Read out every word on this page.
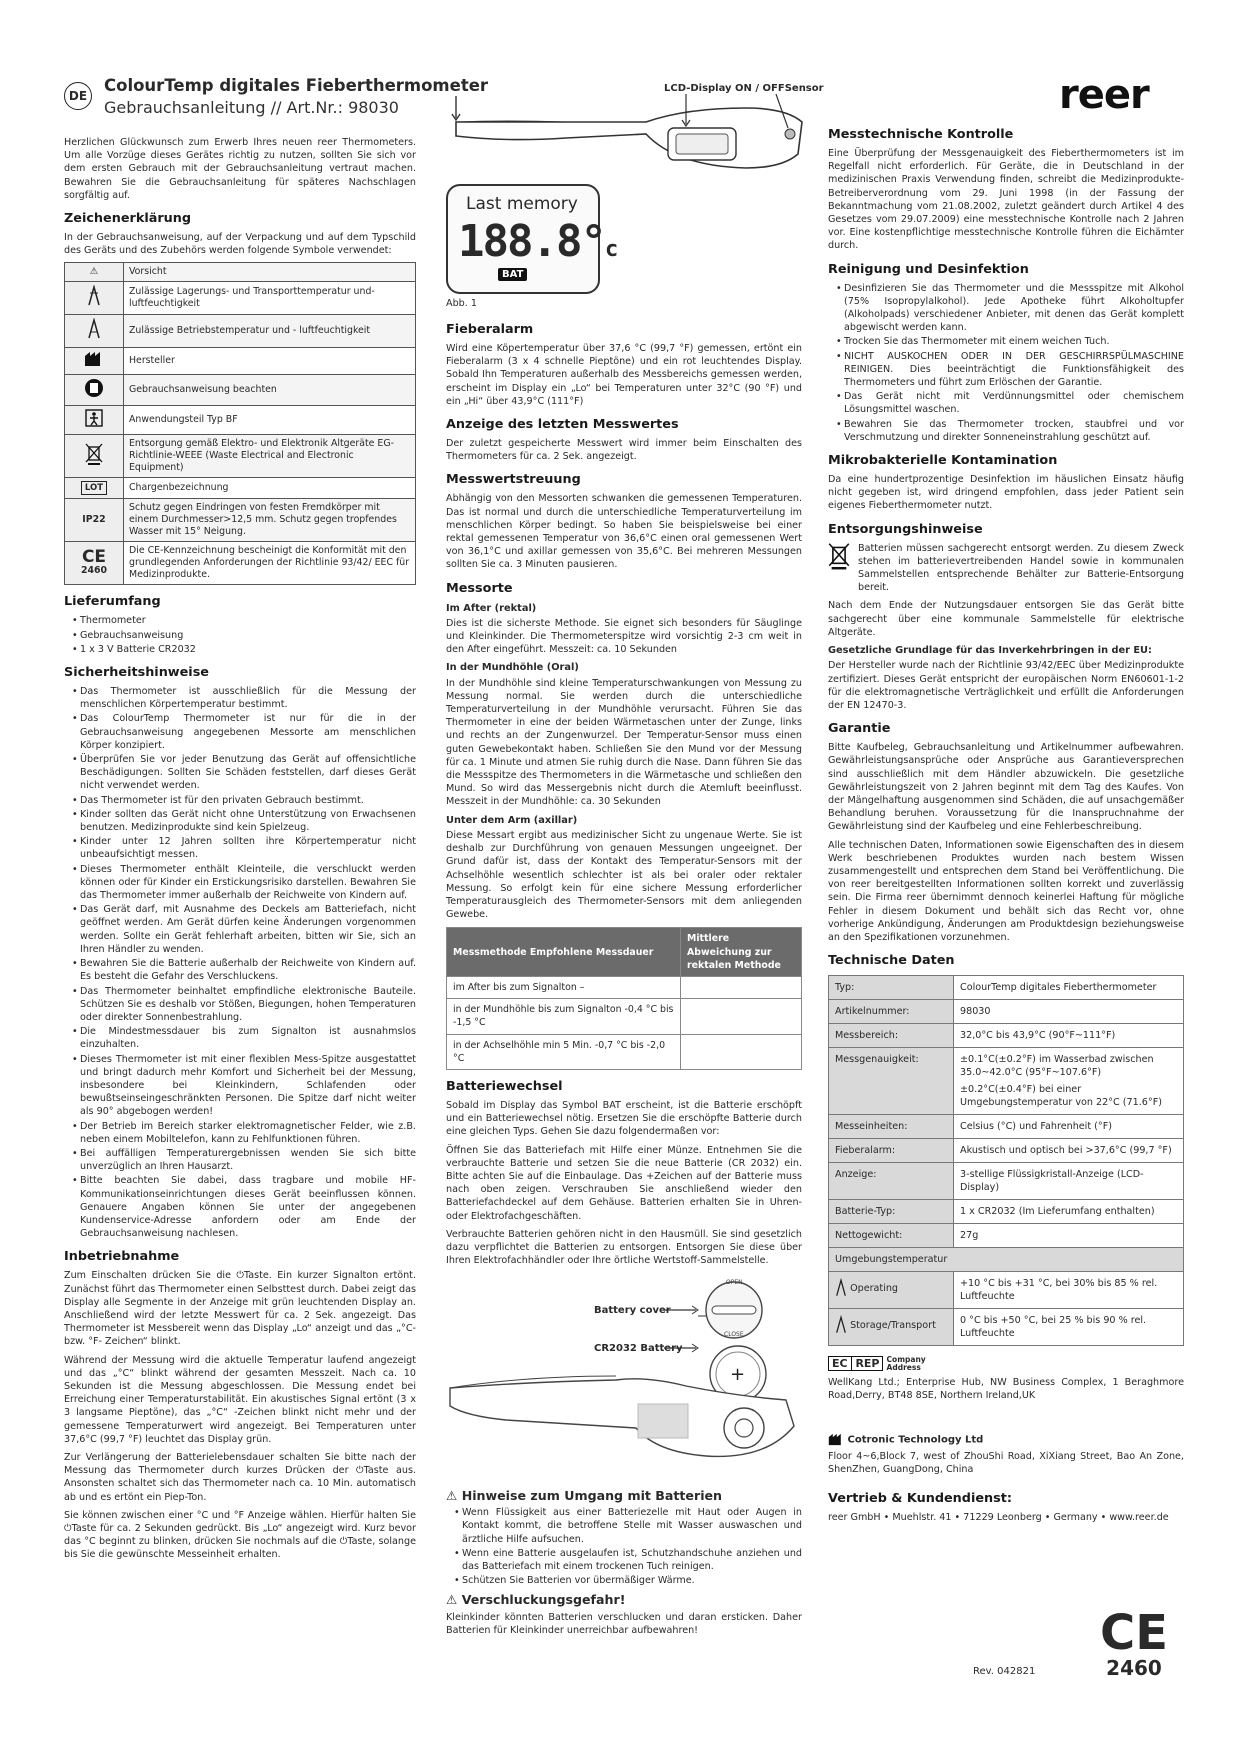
DE
ColourTemp digitales Fieberthermometer
Gebrauchsanleitung // Art.Nr.: 98030	reer

Herzlichen Glückwunsch zum Erwerb Ihres neuen reer Thermometers. Um alle Vorzüge dieses Gerätes richtig zu nutzen, sollten Sie sich vor dem ersten Gebrauch mit der Gebrauchsanleitung vertraut machen. Bewahren Sie die Gebrauchsanleitung für späteres Nachschlagen sorgfältig auf.

Zeichenerklärung

In der Gebrauchsanweisung, auf der Verpackung und auf dem Typschild des Geräts und des Zubehörs werden folgende Symbole verwendet:

⚠	Vorsicht
	Zulässige Lagerungs- und Transporttemperatur und- luftfeuchtigkeit
	Zulässige Betriebstemperatur und - luftfeuchtigkeit
	Hersteller
	Gebrauchsanweisung beachten
	Anwendungsteil Typ BF
	Entsorgung gemäß Elektro- und Elektronik Altgeräte EG-Richtlinie-WEEE (Waste Electrical and Electronic Equipment)
LOT	Chargenbezeichnung
IP22	Schutz gegen Eindringen von festen Fremdkörper mit einem Durchmesser>12,5 mm. Schutz gegen tropfendes Wasser mit 15° Neigung.

CE
2460	Die CE-Kennzeichnung bescheinigt die Konformität mit den grundlegenden Anforderungen der Richtlinie 93/42/ EEC für Medizinprodukte.
Lieferumfang
• Thermometer
• Gebrauchsanweisung
• 1 x 3 V Batterie CR2032
Sicherheitshinweise
• Das Thermometer ist ausschließlich für die Messung der menschlichen Körpertemperatur bestimmt.
• Das ColourTemp Thermometer ist nur für die in der Gebrauchsanweisung angegebenen Messorte am menschlichen Körper konzipiert.
• Überprüfen Sie vor jeder Benutzung das Gerät auf offensichtliche Beschädigungen. Sollten Sie Schäden feststellen, darf dieses Gerät nicht verwendet werden.
• Das Thermometer ist für den privaten Gebrauch bestimmt.
• Kinder sollten das Gerät nicht ohne Unterstützung von Erwachsenen benutzen. Medizinprodukte sind kein Spielzeug.
• Kinder unter 12 Jahren sollten ihre Körpertemperatur nicht unbeaufsichtigt messen.
• Dieses Thermometer enthält Kleinteile, die verschluckt werden können oder für Kinder ein Erstickungsrisiko darstellen. Bewahren Sie das Thermometer immer außerhalb der Reichweite von Kindern auf.
• Das Gerät darf, mit Ausnahme des Deckels am Batteriefach, nicht geöffnet werden. Am Gerät dürfen keine Änderungen vorgenommen werden. Sollte ein Gerät fehlerhaft arbeiten, bitten wir Sie, sich an Ihren Händler zu wenden.
• Bewahren Sie die Batterie außerhalb der Reichweite von Kindern auf. Es besteht die Gefahr des Verschluckens.
• Das Thermometer beinhaltet empfindliche elektronische Bauteile. Schützen Sie es deshalb vor Stößen, Biegungen, hohen Temperaturen oder direkter Sonnenbestrahlung.
• Die Mindestmessdauer bis zum Signalton ist ausnahmslos einzuhalten.
• Dieses Thermometer ist mit einer flexiblen Mess-Spitze ausgestattet und bringt dadurch mehr Komfort und Sicherheit bei der Messung, insbesondere bei Kleinkindern, Schlafenden oder bewußtseinseingeschränkten Personen. Die Spitze darf nicht weiter als 90° abgebogen werden!
• Der Betrieb im Bereich starker elektromagnetischer Felder, wie z.B. neben einem Mobiltelefon, kann zu Fehlfunktionen führen.
• Bei auffälligen Temperaturergebnissen wenden Sie sich bitte unverzüglich an Ihren Hausarzt.
• Bitte beachten Sie dabei, dass tragbare und mobile HF-Kommunikationseinrichtungen dieses Gerät beeinflussen können. Genauere Angaben können Sie unter der angegebenen Kundenservice-Adresse anfordern oder am Ende der Gebrauchsanweisung nachlesen.
Inbetriebnahme

Zum Einschalten drücken Sie die ⏻Taste. Ein kurzer Signalton ertönt. Zunächst führt das Thermometer einen Selbsttest durch. Dabei zeigt das Display alle Segmente in der Anzeige mit grün leuchtenden Display an. Anschließend wird der letzte Messwert für ca. 2 Sek. angezeigt. Das Thermometer ist Messbereit wenn das Display „Lo“ anzeigt und das „°C- bzw. °F- Zeichen“ blinkt.

Während der Messung wird die aktuelle Temperatur laufend angezeigt und das „°C“ blinkt während der gesamten Messzeit. Nach ca. 10 Sekunden ist die Messung abgeschlossen. Die Messung endet bei Erreichung einer Temperaturstabilität. Ein akustisches Signal ertönt (3 x 3 langsame Pieptöne), das „°C“ -Zeichen blinkt nicht mehr und der gemessene Temperaturwert wird angezeigt. Bei Temperaturen unter 37,6°C (99,7 °F) leuchtet das Display grün.

Zur Verlängerung der Batterielebensdauer schalten Sie bitte nach der Messung das Thermometer durch kurzes Drücken der ⏻Taste aus. Ansonsten schaltet sich das Thermometer nach ca. 10 Min. automatisch ab und es ertönt ein Piep-Ton.

Sie können zwischen einer °C und °F Anzeige wählen. Hierfür halten Sie ⏻Taste für ca. 2 Sekunden gedrückt. Bis „Lo“ angezeigt wird. Kurz bevor das °C beginnt zu blinken, drücken Sie nochmals auf die ⏻Taste, solange bis Sie die gewünschte Messeinheit erhalten.

LCD-Display ON / OFFSensor
Last memory
188.8°c
BAT
Abb. 1
Fieberalarm

Wird eine Köpertemperatur über 37,6 °C (99,7 °F) gemessen, ertönt ein Fieberalarm (3 x 4 schnelle Pieptöne) und ein rot leuchtendes Display. Sobald Ihn Temperaturen außerhalb des Messbereichs gemessen werden, erscheint im Display ein „Lo“ bei Temperaturen unter 32°C (90 °F) und ein „Hi“ über 43,9°C (111°F)

Anzeige des letzten Messwertes

Der zuletzt gespeicherte Messwert wird immer beim Einschalten des Thermometers für ca. 2 Sek. angezeigt.

Messwertstreuung

Abhängig von den Messorten schwanken die gemessenen Temperaturen. Das ist normal und durch die unterschiedliche Temperaturverteilung im menschlichen Körper bedingt. So haben Sie beispielsweise bei einer rektal gemessenen Temperatur von 36,6°C einen oral gemessenen Wert von 36,1°C und axillar gemessen von 35,6°C. Bei mehreren Messungen sollten Sie ca. 3 Minuten pausieren.

Messorte
Im After (rektal)

Dies ist die sicherste Methode. Sie eignet sich besonders für Säuglinge und Kleinkinder. Die Thermometerspitze wird vorsichtig 2-3 cm weit in den After eingeführt. Messzeit: ca. 10 Sekunden

In der Mundhöhle (Oral)

In der Mundhöhle sind kleine Temperaturschwankungen von Messung zu Messung normal. Sie werden durch die unterschiedliche Temperaturverteilung in der Mundhöhle verursacht. Führen Sie das Thermometer in eine der beiden Wärmetaschen unter der Zunge, links und rechts an der Zungenwurzel. Der Temperatur-Sensor muss einen guten Gewebekontakt haben. Schließen Sie den Mund vor der Messung für ca. 1 Minute und atmen Sie ruhig durch die Nase. Dann führen Sie das die Messspitze des Thermometers in die Wärmetasche und schließen den Mund. So wird das Messergebnis nicht durch die Atemluft beeinflusst. Messzeit in der Mundhöhle: ca. 30 Sekunden

Unter dem Arm (axillar)

Diese Messart ergibt aus medizinischer Sicht zu ungenaue Werte. Sie ist deshalb zur Durchführung von genauen Messungen ungeeignet. Der Grund dafür ist, dass der Kontakt des Temperatur-Sensors mit der Achselhöhle wesentlich schlechter ist als bei oraler oder rektaler Messung. So erfolgt kein für eine sichere Messung erforderlicher Temperaturausgleich des Thermometer-Sensors mit dem anliegenden Gewebe.

Messmethode Empfohlene Messdauer	Mittlere Abweichung zur rektalen Methode
im After bis zum Signalton –	
in der Mundhöhle bis zum Signalton -0,4 °C bis -1,5 °C	
in der Achselhöhle min 5 Min. -0,7 °C bis -2,0 °C	
Batteriewechsel

Sobald im Display das Symbol BAT erscheint, ist die Batterie erschöpft und ein Batteriewechsel nötig. Ersetzen Sie die erschöpfte Batterie durch eine gleichen Typs. Gehen Sie dazu folgendermaßen vor:

Öffnen Sie das Batteriefach mit Hilfe einer Münze. Entnehmen Sie die verbrauchte Batterie und setzen Sie die neue Batterie (CR 2032) ein. Bitte achten Sie auf die Einbaulage. Das +Zeichen auf der Batterie muss nach oben zeigen. Verschrauben Sie anschließend wieder den Batteriefachdeckel auf dem Gehäuse. Batterien erhalten Sie in Uhren- oder Elektrofachgeschäften.

Verbrauchte Batterien gehören nicht in den Hausmüll. Sie sind gesetzlich dazu verpflichtet die Batterien zu entsorgen. Entsorgen Sie diese über Ihren Elektrofachhändler oder Ihre örtliche Wertstoff-Sammelstelle.

Battery cover
CR2032 Battery
OPEN
CLOSE
+
⚠ Hinweise zum Umgang mit Batterien
• Wenn Flüssigkeit aus einer Batteriezelle mit Haut oder Augen in Kontakt kommt, die betroffene Stelle mit Wasser auswaschen und ärztliche Hilfe aufsuchen.
• Wenn eine Batterie ausgelaufen ist, Schutzhandschuhe anziehen und das Batteriefach mit einem trockenen Tuch reinigen.
• Schützen Sie Batterien vor übermäßiger Wärme.
⚠ Verschluckungsgefahr!

Kleinkinder könnten Batterien verschlucken und daran ersticken. Daher Batterien für Kleinkinder unerreichbar aufbewahren!

Messtechnische Kontrolle

Eine Überprüfung der Messgenauigkeit des Fieberthermometers ist im Regelfall nicht erforderlich. Für Geräte, die in Deutschland in der medizinischen Praxis Verwendung finden, schreibt die Medizinprodukte-Betreiberverordnung vom 29. Juni 1998 (in der Fassung der Bekanntmachung vom 21.08.2002, zuletzt geändert durch Artikel 4 des Gesetzes vom 29.07.2009) eine messtechnische Kontrolle nach 2 Jahren vor. Eine kostenpflichtige messtechnische Kontrolle führen die Eichämter durch.

Reinigung und Desinfektion
• Desinfizieren Sie das Thermometer und die Messspitze mit Alkohol (75% Isopropylalkohol). Jede Apotheke führt Alkoholtupfer (Alkoholpads) verschiedener Anbieter, mit denen das Gerät komplett abgewischt werden kann.
• Trocken Sie das Thermometer mit einem weichen Tuch.
• NICHT AUSKOCHEN ODER IN DER GESCHIRRSPÜLMASCHINE REINIGEN. Dies beeinträchtigt die Funktionsfähigkeit des Thermometers und führt zum Erlöschen der Garantie.
• Das Gerät nicht mit Verdünnungsmittel oder chemischem Lösungsmittel waschen.
• Bewahren Sie das Thermometer trocken, staubfrei und vor Verschmutzung und direkter Sonneneinstrahlung geschützt auf.
Mikrobakterielle Kontamination

Da eine hundertprozentige Desinfektion im häuslichen Einsatz häufig nicht gegeben ist, wird dringend empfohlen, dass jeder Patient sein eigenes Fieberthermometer nutzt.

Entsorgungshinweise

Batterien müssen sachgerecht entsorgt werden. Zu diesem Zweck stehen im batterievertreibenden Handel sowie in kommunalen Sammelstellen entsprechende Behälter zur Batterie-Entsorgung bereit.

Nach dem Ende der Nutzungsdauer entsorgen Sie das Gerät bitte sachgerecht über eine kommunale Sammelstelle für elektrische Altgeräte.

Gesetzliche Grundlage für das Inverkehrbringen in der EU:

Der Hersteller wurde nach der Richtlinie 93/42/EEC über Medizinprodukte zertifiziert. Dieses Gerät entspricht der europäischen Norm EN60601-1-2 für die elektromagnetische Verträglichkeit und erfüllt die Anforderungen der EN 12470-3.

Garantie

Bitte Kaufbeleg, Gebrauchsanleitung und Artikelnummer aufbewahren. Gewährleistungsansprüche oder Ansprüche aus Garantieversprechen sind ausschließlich mit dem Händler abzuwickeln. Die gesetzliche Gewährleistungszeit von 2 Jahren beginnt mit dem Tag des Kaufes. Von der Mängelhaftung ausgenommen sind Schäden, die auf unsachgemäßer Behandlung beruhen. Voraussetzung für die Inanspruchnahme der Gewährleistung sind der Kaufbeleg und eine Fehlerbeschreibung.

Alle technischen Daten, Informationen sowie Eigenschaften des in diesem Werk beschriebenen Produktes wurden nach bestem Wissen zusammengestellt und entsprechen dem Stand bei Veröffentlichung. Die von reer bereitgestellten Informationen sollten korrekt und zuverlässig sein. Die Firma reer übernimmt dennoch keinerlei Haftung für mögliche Fehler in diesem Dokument und behält sich das Recht vor, ohne vorherige Ankündigung, Änderungen am Produktdesign beziehungsweise an den Spezifikationen vorzunehmen.

Technische Daten
Typ:	ColourTemp digitales Fieberthermometer
Artikelnummer:	98030
Messbereich:	32,0°C bis 43,9°C (90°F~111°F)
Messgenauigkeit:	±0.1°C(±0.2°F) im Wasserbad zwischen 35.0~42.0°C (95°F~107.6°F)
±0.2°C(±0.4°F) bei einer Umgebungstemperatur von 22°C (71.6°F)

Messeinheiten:	Celsius (°C) und Fahrenheit (°F)
Fieberalarm:	Akustisch und optisch bei >37,6°C (99,7 °F)
Anzeige:	3-stellige Flüssigkristall-Anzeige (LCD-Display)
Batterie-Typ:	1 x CR2032 (Im Lieferumfang enthalten)
Nettogewicht:	27g
Umgebungstemperatur	
Operating	+10 °C bis +31 °C, bei 30% bis 85 % rel. Luftfeuchte
Storage/Transport	0 °C bis +50 °C, bei 25 % bis 90 % rel. Luftfeuchte
EC REP Company Address

WellKang Ltd.; Enterprise Hub, NW Business Complex, 1 Beraghmore Road,Derry, BT48 8SE, Northern Ireland,UK

Cotronic Technology Ltd

Floor 4~6,Block 7, west of ZhouShi Road, XiXiang Street, Bao An Zone, ShenZhen, GuangDong, China

Vertrieb & Kundendienst:

reer GmbH • Muehlstr. 41 • 71229 Leonberg • Germany • www.reer.de

CE
2460
Rev. 042821
